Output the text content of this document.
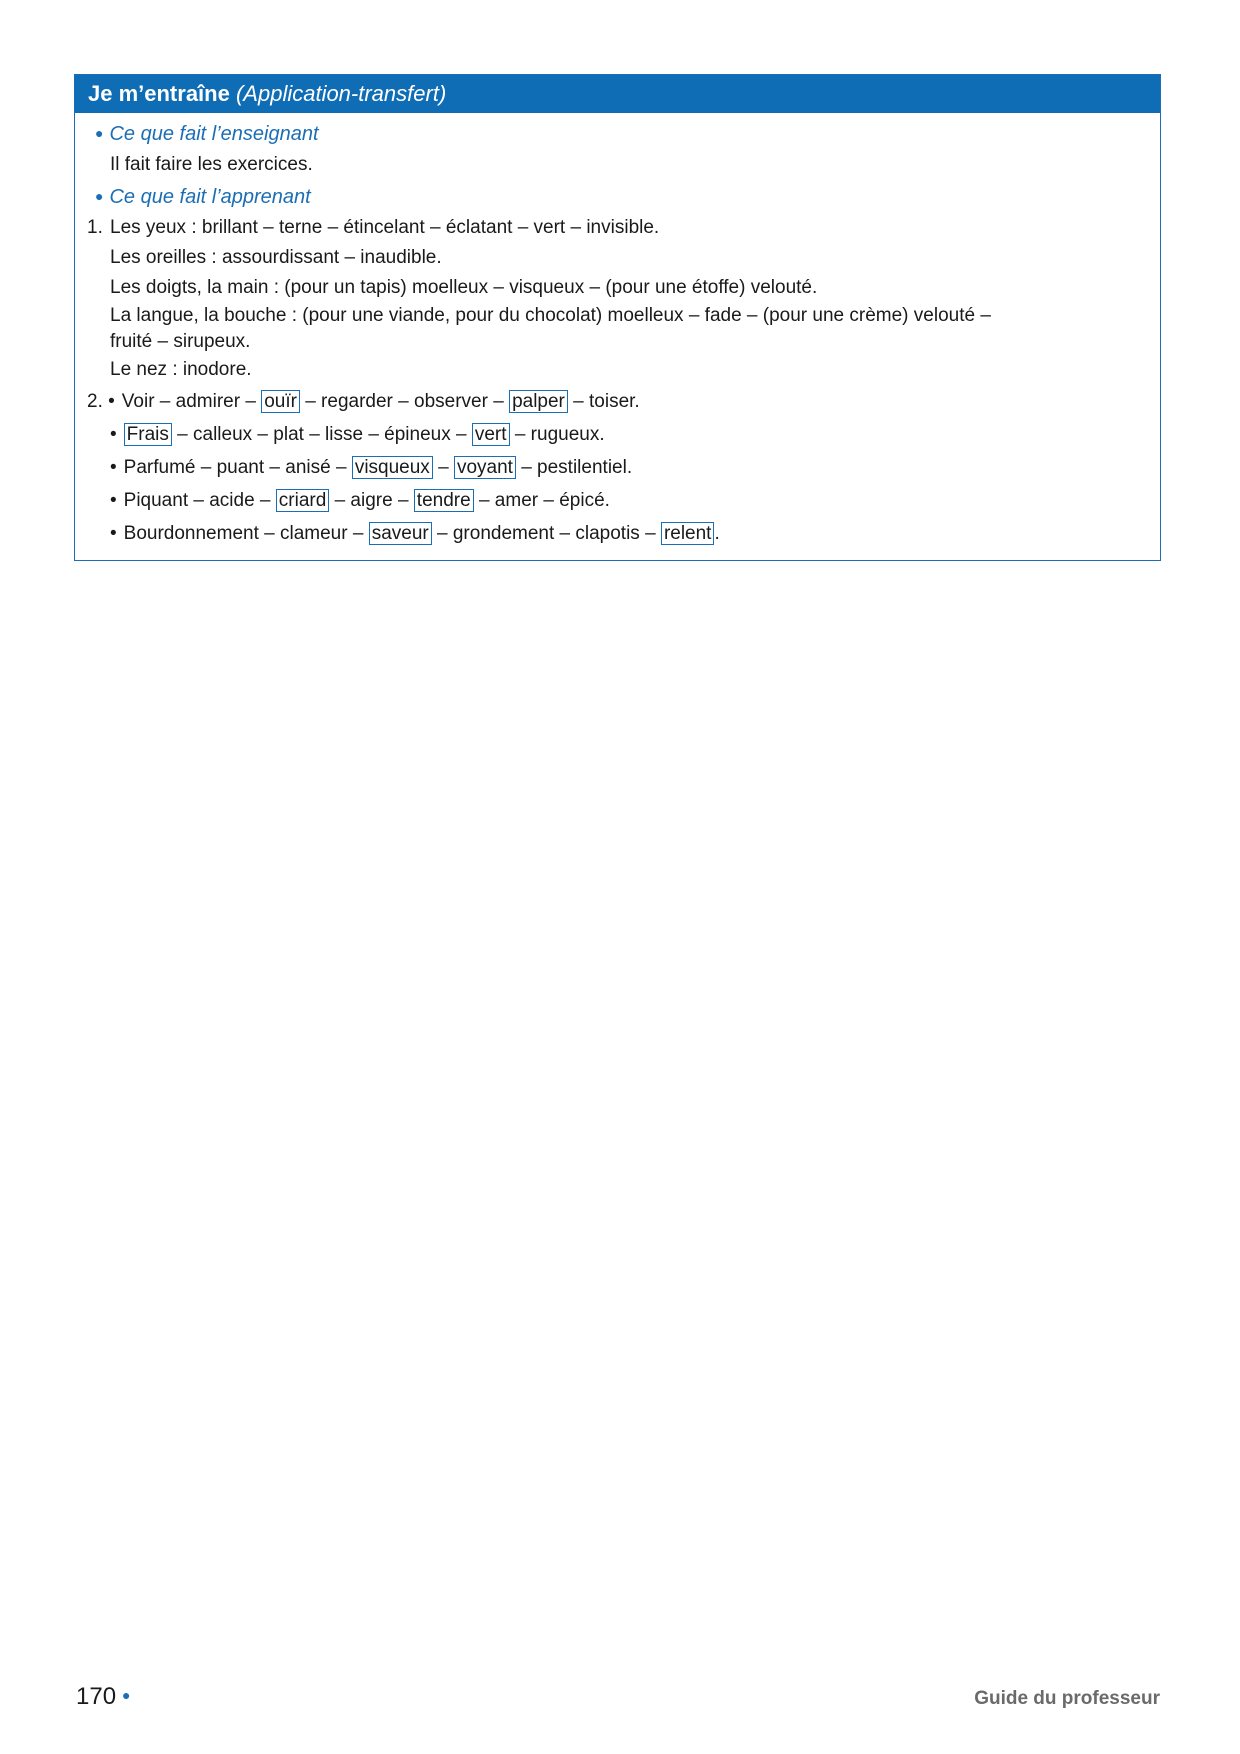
Je m’entraîne (Application-transfert)
● Ce que fait l’enseignant
Il fait faire les exercices.
● Ce que fait l’apprenant
1. Les yeux : brillant – terne – étincelant – éclatant – vert – invisible.
Les oreilles : assourdissant – inaudible.
Les doigts, la main : (pour un tapis) moelleux – visqueux – (pour une étoffe) velouté.
La langue, la bouche : (pour une viande, pour du chocolat) moelleux – fade – (pour une crème) velouté –
fruité – sirupeux.
Le nez : inodore.
2. • Voir – admirer – ouïr – regarder – observer – palper – toiser.
• Frais – calleux – plat – lisse – épineux – vert – rugueux.
• Parfumé – puant – anisé – visqueux – voyant – pestilentiel.
• Piquant – acide – criard – aigre – tendre – amer – épicé.
• Bourdonnement – clameur – saveur – grondement – clapotis – relent .
170 ●	Guide du professeur
